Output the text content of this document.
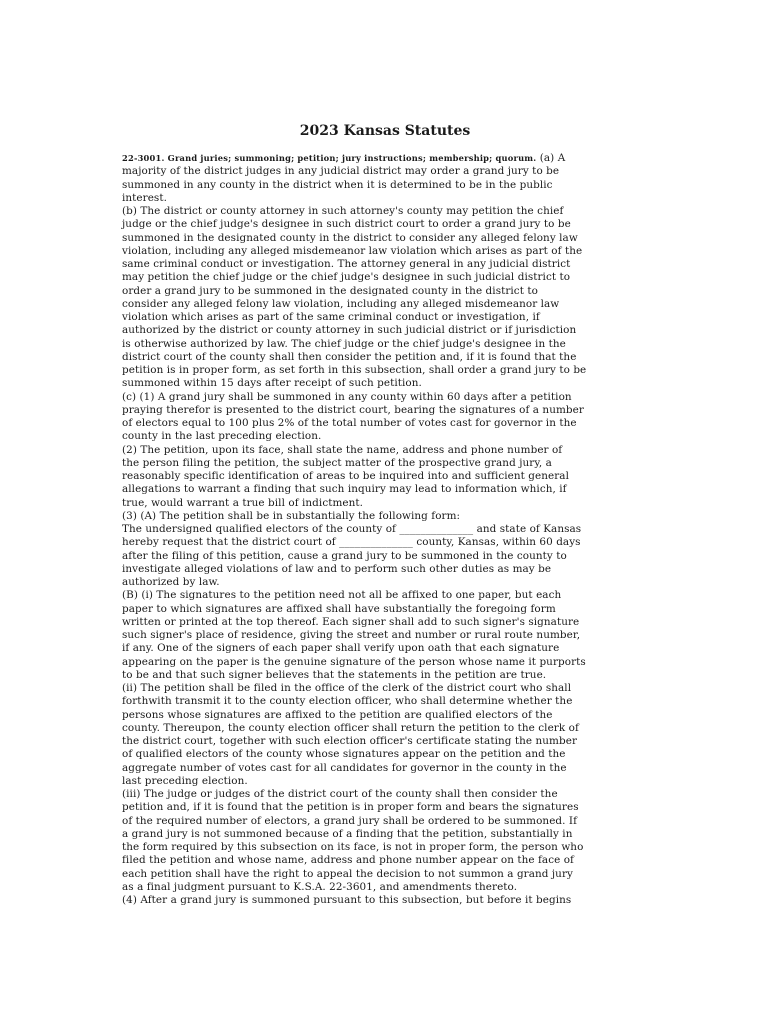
2023 Kansas Statutes
22-3001. Grand juries; summoning; petition; jury instructions; membership; quorum. (a) A
majority of the district judges in any judicial district may order a grand jury to be
summoned in any county in the district when it is determined to be in the public
interest.
(b) The district or county attorney in such attorney's county may petition the chief
judge or the chief judge's designee in such district court to order a grand jury to be
summoned in the designated county in the district to consider any alleged felony law
violation, including any alleged misdemeanor law violation which arises as part of the
same criminal conduct or investigation. The attorney general in any judicial district
may petition the chief judge or the chief judge's designee in such judicial district to
order a grand jury to be summoned in the designated county in the district to
consider any alleged felony law violation, including any alleged misdemeanor law
violation which arises as part of the same criminal conduct or investigation, if
authorized by the district or county attorney in such judicial district or if jurisdiction
is otherwise authorized by law. The chief judge or the chief judge's designee in the
district court of the county shall then consider the petition and, if it is found that the
petition is in proper form, as set forth in this subsection, shall order a grand jury to be
summoned within 15 days after receipt of such petition.
(c) (1) A grand jury shall be summoned in any county within 60 days after a petition
praying therefor is presented to the district court, bearing the signatures of a number
of electors equal to 100 plus 2% of the total number of votes cast for governor in the
county in the last preceding election.
(2) The petition, upon its face, shall state the name, address and phone number of
the person filing the petition, the subject matter of the prospective grand jury, a
reasonably specific identification of areas to be inquired into and sufficient general
allegations to warrant a finding that such inquiry may lead to information which, if
true, would warrant a true bill of indictment.
(3) (A) The petition shall be in substantially the following form:
The undersigned qualified electors of the county of ______________ and state of Kansas
hereby request that the district court of ______________ county, Kansas, within 60 days
after the filing of this petition, cause a grand jury to be summoned in the county to
investigate alleged violations of law and to perform such other duties as may be
authorized by law.
(B) (i) The signatures to the petition need not all be affixed to one paper, but each
paper to which signatures are affixed shall have substantially the foregoing form
written or printed at the top thereof. Each signer shall add to such signer's signature
such signer's place of residence, giving the street and number or rural route number,
if any. One of the signers of each paper shall verify upon oath that each signature
appearing on the paper is the genuine signature of the person whose name it purports
to be and that such signer believes that the statements in the petition are true.
(ii) The petition shall be filed in the office of the clerk of the district court who shall
forthwith transmit it to the county election officer, who shall determine whether the
persons whose signatures are affixed to the petition are qualified electors of the
county. Thereupon, the county election officer shall return the petition to the clerk of
the district court, together with such election officer's certificate stating the number
of qualified electors of the county whose signatures appear on the petition and the
aggregate number of votes cast for all candidates for governor in the county in the
last preceding election.
(iii) The judge or judges of the district court of the county shall then consider the
petition and, if it is found that the petition is in proper form and bears the signatures
of the required number of electors, a grand jury shall be ordered to be summoned. If
a grand jury is not summoned because of a finding that the petition, substantially in
the form required by this subsection on its face, is not in proper form, the person who
filed the petition and whose name, address and phone number appear on the face of
each petition shall have the right to appeal the decision to not summon a grand jury
as a final judgment pursuant to K.S.A. 22-3601, and amendments thereto.
(4) After a grand jury is summoned pursuant to this subsection, but before it begins
